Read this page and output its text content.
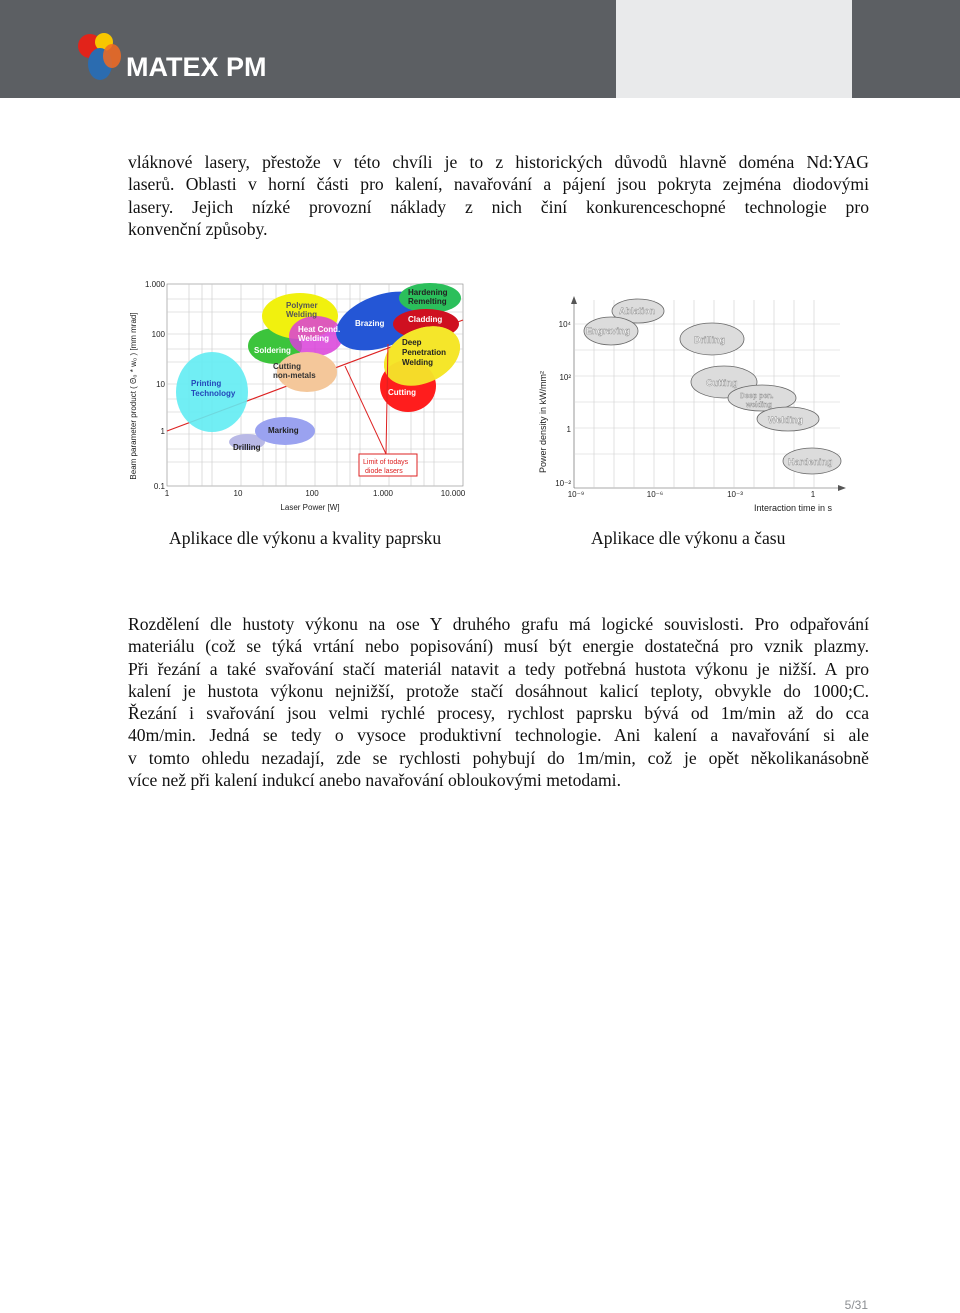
MATEX PM

vláknové lasery, přestože v této chvíli je to z historických důvodů hlavně doména Nd:YAG
laserů. Oblasti v horní části pro kalení, navařování a pájení jsou pokryta zejména diodovými
lasery. Jejich nízké provozní náklady z nich činí konkurenceschopné technologie pro
konvenční způsoby.

Beam parameter product ( Θ₀ * w₀ ) [mm mrad]
1.000
100
10
1
0.1
1	10	100	1.000	10.000
Laser Power [W]
Printing
Technology
Drilling
Marking
Soldering
Polymer
Welding
Heat Cond.
Welding
Cutting
non-metals
Brazing
Hardening
Remelting
Cladding
Deep
Penetration
Welding
Cutting
Limit of todays
diode lasers	Power density in kW/mm²
10⁴
10²
1
10⁻²
10⁻⁹	10⁻⁶	10⁻³	1
Interaction time in s
Ablation
Engraving
Drilling
Cutting
Deep pen.
welding
Welding
Hardening
Aplikace dle výkonu a kvality paprsku	Aplikace dle výkonu a času

Rozdělení dle hustoty výkonu na ose Y druhého grafu má logické souvislosti. Pro odpařování
materiálu (což se týká vrtání nebo popisování) musí být energie dostatečná pro vznik plazmy.
Při řezání a také svařování stačí materiál natavit a tedy potřebná hustota výkonu je nižší. A pro
kalení je hustota výkonu nejnižší, protože stačí dosáhnout kalicí teploty, obvykle do 1000;C.
Řezání i svařování jsou velmi rychlé procesy, rychlost paprsku bývá od 1m/min až do cca
40m/min. Jedná se tedy o vysoce produktivní technologie. Ani kalení a navařování si ale
v tomto ohledu nezadají, zde se rychlosti pohybují do 1m/min, což je opět několikanásobně
více než při kalení indukcí anebo navařování obloukovými metodami.

5/31
